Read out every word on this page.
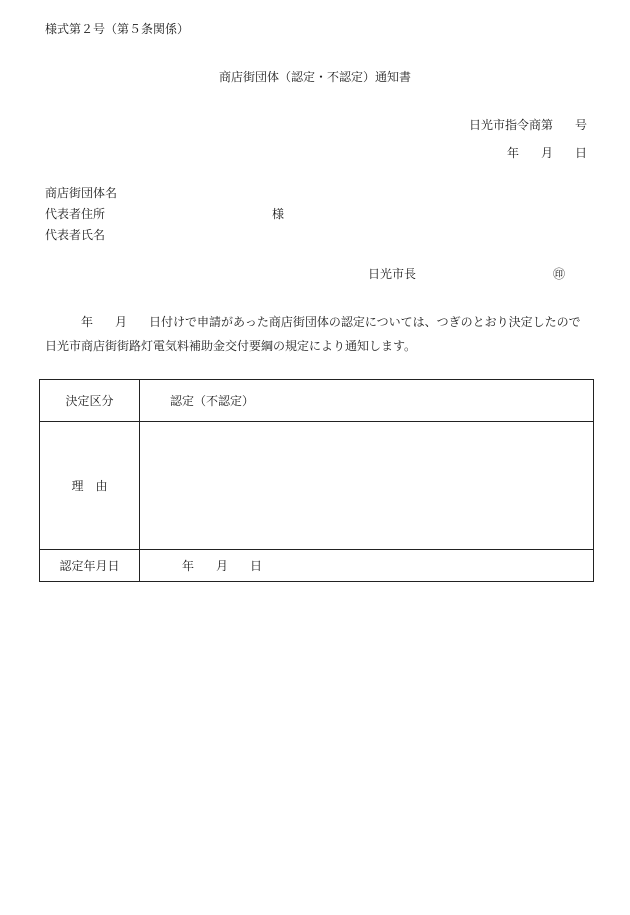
様式第２号（第５条関係）
商店街団体（認定・不認定）通知書
日光市指令商第 号
年 月 日
商店街団体名
代表者住所	様
代表者氏名
日光市長	㊞
年 月 日付けで申請があった商店街団体の認定については、つぎのとおり決定したので
日光市商店街街路灯電気料補助金交付要綱の規定により通知します。
決定区分	認定（不認定）
理　由	
認定年月日	年 月 日
